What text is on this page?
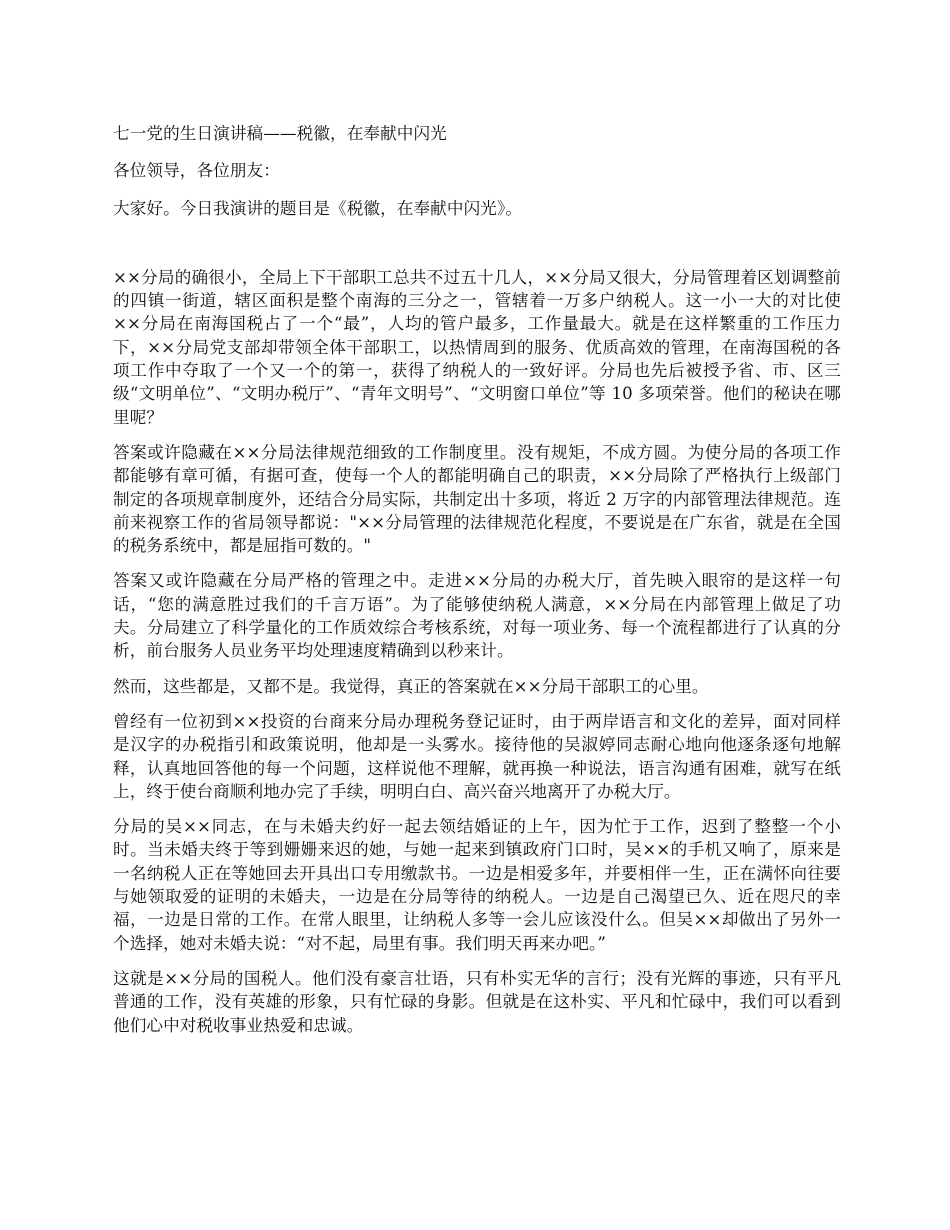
七一党的生日演讲稿——税徽，在奉献中闪光

各位领导，各位朋友：

大家好。今日我演讲的题目是《税徽，在奉献中闪光》。

××分局的确很小，全局上下干部职工总共不过五十几人，××分局又很大，分局管理着区划调整前的四镇一街道，辖区面积是整个南海的三分之一，管辖着一万多户纳税人。这一小一大的对比使××分局在南海国税占了一个“最”，人均的管户最多，工作量最大。就是在这样繁重的工作压力下，××分局党支部却带领全体干部职工，以热情周到的服务、优质高效的管理，在南海国税的各项工作中夺取了一个又一个的第一，获得了纳税人的一致好评。分局也先后被授予省、市、区三级“文明单位”、“文明办税厅”、“青年文明号”、“文明窗口单位”等 10 多项荣誉。他们的秘诀在哪里呢？

答案或许隐藏在××分局法律规范细致的工作制度里。没有规矩，不成方圆。为使分局的各项工作都能够有章可循，有据可查，使每一个人的都能明确自己的职责，××分局除了严格执行上级部门制定的各项规章制度外，还结合分局实际，共制定出十多项，将近 2 万字的内部管理法律规范。连前来视察工作的省局领导都说："××分局管理的法律规范化程度，不要说是在广东省，就是在全国的税务系统中，都是屈指可数的。"

答案又或许隐藏在分局严格的管理之中。走进××分局的办税大厅，首先映入眼帘的是这样一句话，“您的满意胜过我们的千言万语”。为了能够使纳税人满意，××分局在内部管理上做足了功夫。分局建立了科学量化的工作质效综合考核系统，对每一项业务、每一个流程都进行了认真的分析，前台服务人员业务平均处理速度精确到以秒来计。

然而，这些都是，又都不是。我觉得，真正的答案就在××分局干部职工的心里。

曾经有一位初到××投资的台商来分局办理税务登记证时，由于两岸语言和文化的差异，面对同样是汉字的办税指引和政策说明，他却是一头雾水。接待他的吴淑婷同志耐心地向他逐条逐句地解释，认真地回答他的每一个问题，这样说他不理解，就再换一种说法，语言沟通有困难，就写在纸上，终于使台商顺利地办完了手续，明明白白、高兴奋兴地离开了办税大厅。

分局的吴××同志，在与未婚夫约好一起去领结婚证的上午，因为忙于工作，迟到了整整一个小时。当未婚夫终于等到姗姗来迟的她，与她一起来到镇政府门口时，吴××的手机又响了，原来是一名纳税人正在等她回去开具出口专用缴款书。一边是相爱多年，并要相伴一生，正在满怀向往要与她领取爱的证明的未婚夫，一边是在分局等待的纳税人。一边是自己渴望已久、近在咫尺的幸福，一边是日常的工作。在常人眼里，让纳税人多等一会儿应该没什么。但吴××却做出了另外一个选择，她对未婚夫说：“对不起，局里有事。我们明天再来办吧。”

这就是××分局的国税人。他们没有豪言壮语，只有朴实无华的言行；没有光辉的事迹，只有平凡普通的工作，没有英雄的形象，只有忙碌的身影。但就是在这朴实、平凡和忙碌中，我们可以看到他们心中对税收事业热爱和忠诚。
